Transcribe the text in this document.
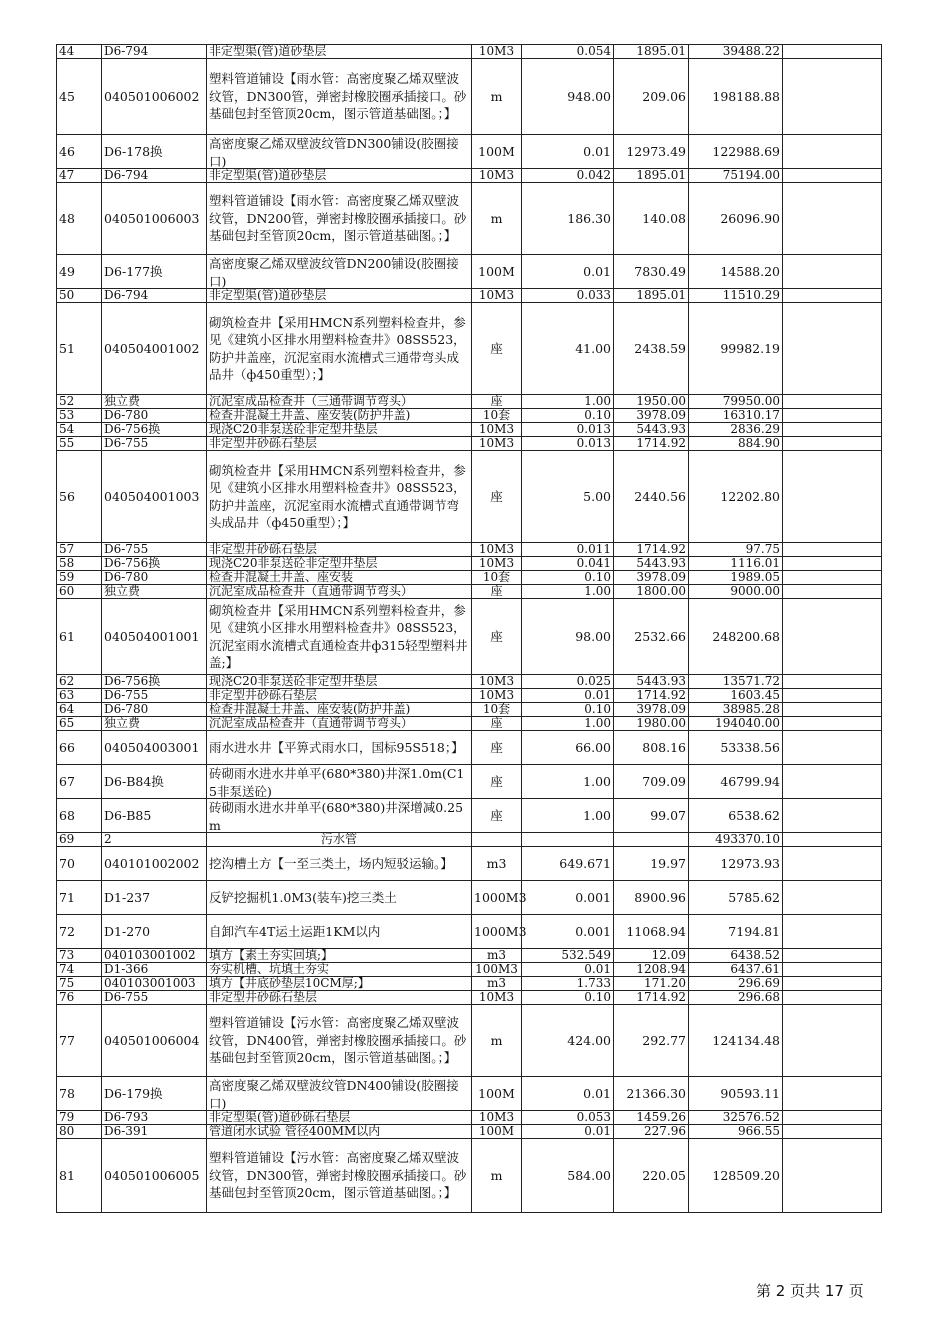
44	D6-794	非定型渠(管)道砂垫层	10M3	0.054	1895.01	39488.22	

45	040501006002	塑料管道铺设【雨水管：高密度聚乙烯双壁波纹管，DN300管，弹密封橡胶圈承插接口。砂基础包封至管顶20cm，图示管道基础图。；】	m	948.00	209.06	198188.88	

46	D6-178换	高密度聚乙烯双壁波纹管DN300铺设(胶圈接口)	100M	0.01	12973.49	122988.69	

47	D6-794	非定型渠(管)道砂垫层	10M3	0.042	1895.01	75194.00	

48	040501006003	塑料管道铺设【雨水管：高密度聚乙烯双壁波纹管，DN200管，弹密封橡胶圈承插接口。砂基础包封至管顶20cm，图示管道基础图。；】	m	186.30	140.08	26096.90	

49	D6-177换	高密度聚乙烯双壁波纹管DN200铺设(胶圈接口)	100M	0.01	7830.49	14588.20	

50	D6-794	非定型渠(管)道砂垫层	10M3	0.033	1895.01	11510.29	

51	040504001002	砌筑检查井【采用HMCN系列塑料检查井，参见《建筑小区排水用塑料检查井》08SS523，防护井盖座，沉泥室雨水流槽式三通带弯头成品井（ф450重型）；】	座	41.00	2438.59	99982.19	

52	独立费	沉泥室成品检查井（三通带调节弯头）	座	1.00	1950.00	79950.00	

53	D6-780	检查井混凝土井盖、座安装(防护井盖)	10套	0.10	3978.09	16310.17	

54	D6-756换	现浇C20非泵送砼非定型井垫层	10M3	0.013	5443.93	2836.29	

55	D6-755	非定型井砂砾石垫层	10M3	0.013	1714.92	884.90	

56	040504001003	砌筑检查井【采用HMCN系列塑料检查井，参见《建筑小区排水用塑料检查井》08SS523，防护井盖座，沉泥室雨水流槽式直通带调节弯头成品井（ф450重型）；】	座	5.00	2440.56	12202.80	

57	D6-755	非定型井砂砾石垫层	10M3	0.011	1714.92	97.75	

58	D6-756换	现浇C20非泵送砼非定型井垫层	10M3	0.041	5443.93	1116.01	

59	D6-780	检查井混凝土井盖、座安装	10套	0.10	3978.09	1989.05	

60	独立费	沉泥室成品检查井（直通带调节弯头）	座	1.00	1800.00	9000.00	

61	040504001001	砌筑检查井【采用HMCN系列塑料检查井，参见《建筑小区排水用塑料检查井》08SS523，沉泥室雨水流槽式直通检查井ф315轻型塑料井盖;】	座	98.00	2532.66	248200.68	

62	D6-756换	现浇C20非泵送砼非定型井垫层	10M3	0.025	5443.93	13571.72	

63	D6-755	非定型井砂砾石垫层	10M3	0.01	1714.92	1603.45	

64	D6-780	检查井混凝土井盖、座安装(防护井盖)	10套	0.10	3978.09	38985.28	

65	独立费	沉泥室成品检查井（直通带调节弯头）	座	1.00	1980.00	194040.00	

66	040504003001	雨水进水井【平箅式雨水口，国标95S518；】	座	66.00	808.16	53338.56	

67	D6-B84换	砖砌雨水进水井单平(680*380)井深1.0m(C15非泵送砼)	座	1.00	709.09	46799.94	

68	D6-B85	砖砌雨水进水井单平(680*380)井深增减0.25m	座	1.00	99.07	6538.62	

69	2	污水管				493370.10	

70	040101002002	挖沟槽土方【一至三类土，场内短驳运输。】	m3	649.671	19.97	12973.93	

71	D1-237	反铲挖掘机1.0M3(装车)挖三类土	1000M3	0.001	8900.96	5785.62	

72	D1-270	自卸汽车4T运土运距1KM以内	1000M3	0.001	11068.94	7194.81	

73	040103001002	填方【素土夯实回填;】	m3	532.549	12.09	6438.52	

74	D1-366	夯实机槽、坑填土夯实	100M3	0.01	1208.94	6437.61	

75	040103001003	填方【井底砂垫层10CM厚;】	m3	1.733	171.20	296.69	

76	D6-755	非定型井砂砾石垫层	10M3	0.10	1714.92	296.68	

77	040501006004	塑料管道铺设【污水管：高密度聚乙烯双壁波纹管，DN400管，弹密封橡胶圈承插接口。砂基础包封至管顶20cm，图示管道基础图。；】	m	424.00	292.77	124134.48	

78	D6-179换	高密度聚乙烯双壁波纹管DN400铺设(胶圈接口)	100M	0.01	21366.30	90593.11	

79	D6-793	非定型渠(管)道砂砾石垫层	10M3	0.053	1459.26	32576.52	

80	D6-391	管道闭水试验 管径400MM以内	100M	0.01	227.96	966.55	

81	040501006005	塑料管道铺设【污水管：高密度聚乙烯双壁波纹管，DN300管，弹密封橡胶圈承插接口。砂基础包封至管顶20cm，图示管道基础图。；】	m	584.00	220.05	128509.20	

第 2 页共 17 页
